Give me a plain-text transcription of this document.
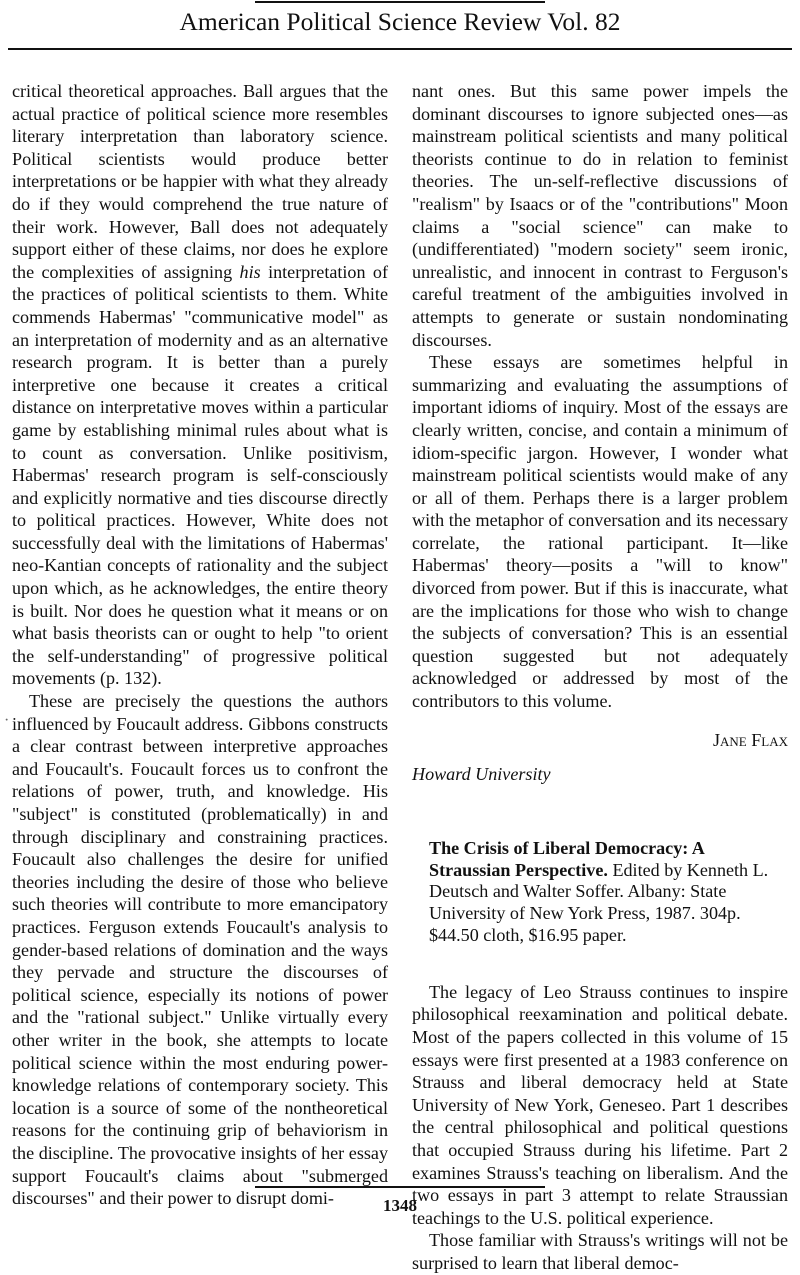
American Political Science Review Vol. 82

critical theoretical approaches. Ball argues that the actual practice of political science more resembles literary interpretation than laboratory science. Political scientists would produce better interpretations or be happier with what they already do if they would comprehend the true nature of their work. However, Ball does not adequately support either of these claims, nor does he explore the complexities of assigning his interpretation of the practices of political scientists to them. White commends Habermas' "communicative model" as an interpretation of modernity and as an alternative research program. It is better than a purely interpretive one because it creates a critical distance on interpretative moves within a particular game by establishing minimal rules about what is to count as conversation. Unlike positivism, Habermas' research program is self-consciously and explicitly normative and ties discourse directly to political practices. However, White does not successfully deal with the limitations of Habermas' neo-Kantian concepts of rationality and the subject upon which, as he acknowledges, the entire theory is built. Nor does he question what it means or on what basis theorists can or ought to help "to orient the self-understanding" of progressive political movements (p. 132).

These are precisely the questions the authors influenced by Foucault address. Gibbons constructs a clear contrast between interpretive approaches and Foucault's. Foucault forces us to confront the relations of power, truth, and knowledge. His "subject" is constituted (problematically) in and through disciplinary and constraining practices. Foucault also challenges the desire for unified theories including the desire of those who believe such theories will contribute to more emancipatory practices. Ferguson extends Foucault's analysis to gender-based relations of domination and the ways they pervade and structure the discourses of political science, especially its notions of power and the "rational subject." Unlike virtually every other writer in the book, she attempts to locate political science within the most enduring power-knowledge relations of contemporary society. This location is a source of some of the nontheoretical reasons for the continuing grip of behaviorism in the discipline. The provocative insights of her essay support Foucault's claims about "submerged discourses" and their power to disrupt domi-

nant ones. But this same power impels the dominant discourses to ignore subjected ones—as mainstream political scientists and many political theorists continue to do in relation to feminist theories. The un-self-reflective discussions of "realism" by Isaacs or of the "contributions" Moon claims a "social science" can make to (undifferentiated) "modern society" seem ironic, unrealistic, and innocent in contrast to Ferguson's careful treatment of the ambiguities involved in attempts to generate or sustain nondominating discourses.

These essays are sometimes helpful in summarizing and evaluating the assumptions of important idioms of inquiry. Most of the essays are clearly written, concise, and contain a minimum of idiom-specific jargon. However, I wonder what mainstream political scientists would make of any or all of them. Perhaps there is a larger problem with the metaphor of conversation and its necessary correlate, the rational participant. It—like Habermas' theory—posits a "will to know" divorced from power. But if this is inaccurate, what are the implications for those who wish to change the subjects of conversation? This is an essential question suggested but not adequately acknowledged or addressed by most of the contributors to this volume.

Jane Flax

Howard University

The Crisis of Liberal Democracy: A Straussian Perspective. Edited by Kenneth L. Deutsch and Walter Soffer. Albany: State University of New York Press, 1987. 304p. $44.50 cloth, $16.95 paper.

The legacy of Leo Strauss continues to inspire philosophical reexamination and political debate. Most of the papers collected in this volume of 15 essays were first presented at a 1983 conference on Strauss and liberal democracy held at State University of New York, Geneseo. Part 1 describes the central philosophical and political questions that occupied Strauss during his lifetime. Part 2 examines Strauss's teaching on liberalism. And the two essays in part 3 attempt to relate Straussian teachings to the U.S. political experience.

Those familiar with Strauss's writings will not be surprised to learn that liberal democ-

·
1348
